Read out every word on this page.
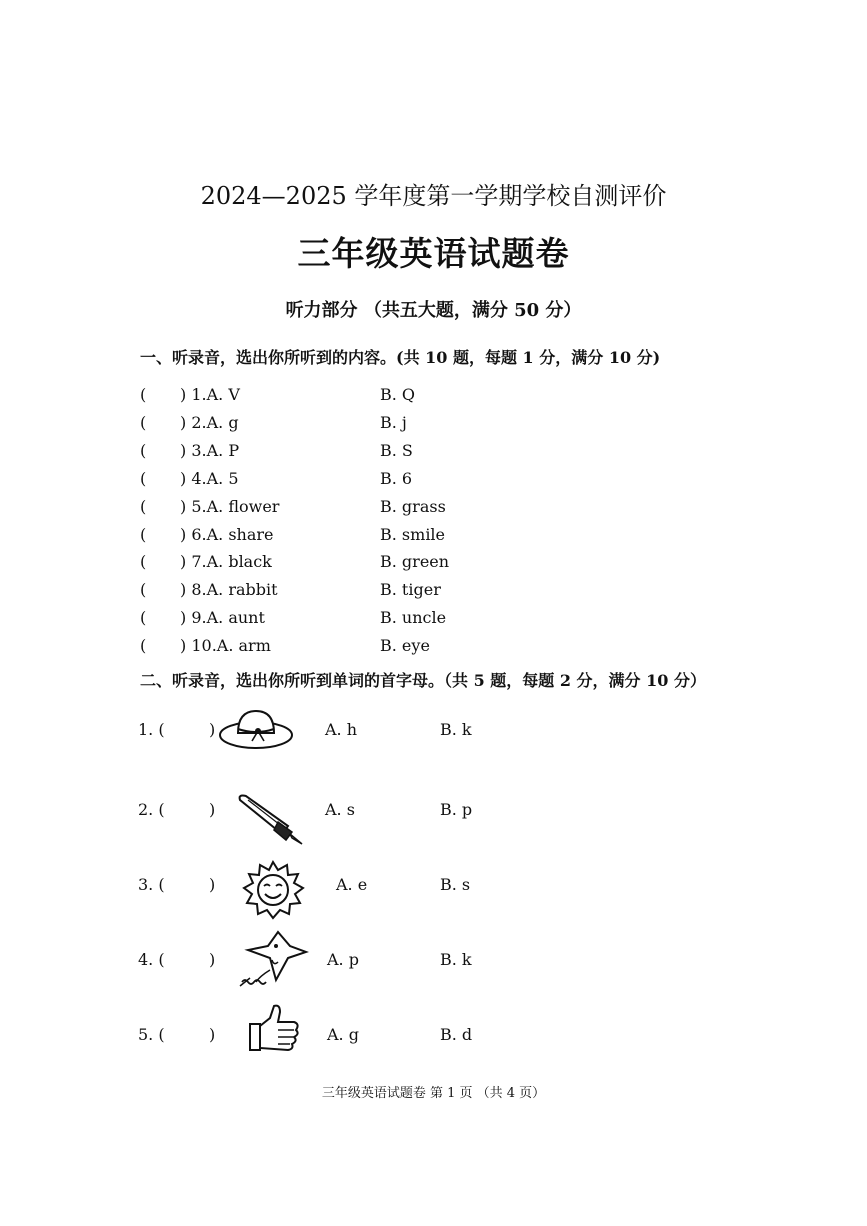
2024—2025 学年度第一学期学校自测评价
三年级英语试题卷
听力部分 （共五大题，满分 50 分）
一、听录音，选出你所听到的内容。(共 10 题，每题 1 分，满分 10 分)
( ) 1.A. V	B. Q
( ) 2.A. g	B. j
( ) 3.A. P	B. S
( ) 4.A. 5	B. 6
( ) 5.A. flower	B. grass
( ) 6.A. share	B. smile
( ) 7.A. black	B. green
( ) 8.A. rabbit	B. tiger
( ) 9.A. aunt	B. uncle
( ) 10.A. arm	B. eye
二、听录音，选出你所听到单词的首字母。（共 5 题，每题 2 分，满分 10 分）
1. (	)	A. h	B. k
2. (	)	A. s	B. p
3. (	)	A. e	B. s
4. (	)	A. p	B. k
5. (	)	A. g	B. d
三年级英语试题卷 第 1 页 （共 4 页）
